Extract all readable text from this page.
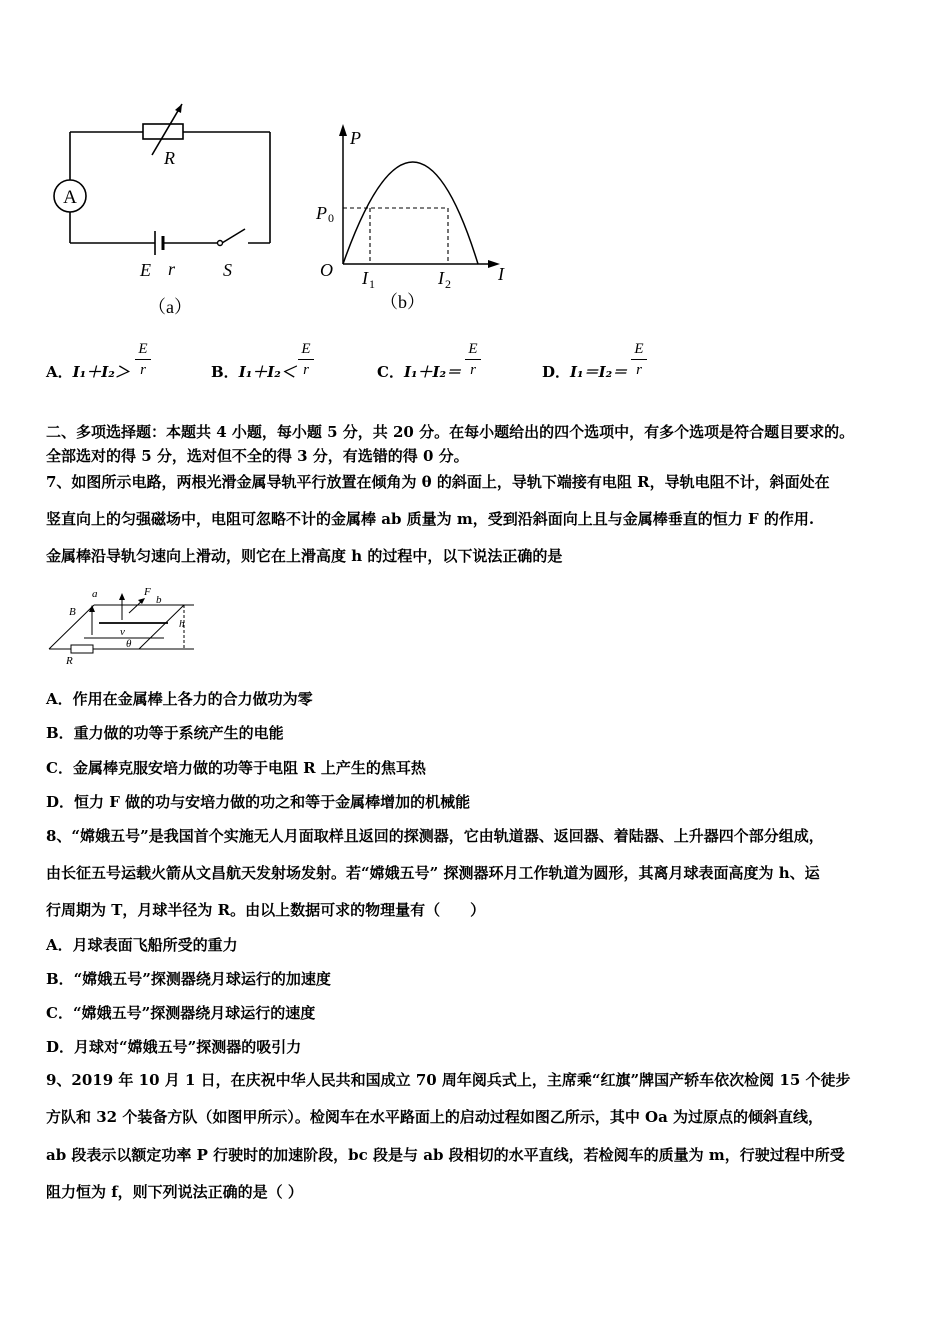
A
R
E r	S
（a）
P
I
O
P 0
I 1	I 2
（b）
A．$I_1+I_2> \frac{E}{r}$	B．$I_1+I_2< \frac{E}{r}$	C．$I_1+I_2= \frac{E}{r}$	D．$I_1=I_2= \frac{E}{r}$
二、多项选择题：本题共 4 小题，每小题 5 分，共 20 分。在每小题给出的四个选项中，有多个选项是符合题目要求的。
全部选对的得 5 分，选对但不全的得 3 分，有选错的得 0 分。
7、如图所示电路，两根光滑金属导轨平行放置在倾角为 θ 的斜面上，导轨下端接有电阻 R，导轨电阻不计，斜面处在
竖直向上的匀强磁场中，电阻可忽略不计的金属棒 ab 质量为 m，受到沿斜面向上且与金属棒垂直的恒力 F 的作用.
金属棒沿导轨匀速向上滑动，则它在上滑高度 h 的过程中，以下说法正确的是
a	b
B
F
v
h
R
θ
A．作用在金属棒上各力的合力做功为零
B．重力做的功等于系统产生的电能
C．金属棒克服安培力做的功等于电阻 R 上产生的焦耳热
D．恒力 F 做的功与安培力做的功之和等于金属棒增加的机械能
8、“嫦娥五号”是我国首个实施无人月面取样且返回的探测器，它由轨道器、返回器、着陆器、上升器四个部分组成，
由长征五号运载火箭从文昌航天发射场发射。若“嫦娥五号” 探测器环月工作轨道为圆形，其离月球表面高度为 h、运
行周期为 T，月球半径为 R。由以上数据可求的物理量有（　　）
A．月球表面飞船所受的重力
B．“嫦娥五号”探测器绕月球运行的加速度
C．“嫦娥五号”探测器绕月球运行的速度
D．月球对“嫦娥五号”探测器的吸引力
9、2019 年 10 月 1 日，在庆祝中华人民共和国成立 70 周年阅兵式上，主席乘“红旗”牌国产轿车依次检阅 15 个徒步
方队和 32 个装备方队（如图甲所示）。检阅车在水平路面上的启动过程如图乙所示，其中 Oa 为过原点的倾斜直线，
ab 段表示以额定功率 P 行驶时的加速阶段，bc 段是与 ab 段相切的水平直线，若检阅车的质量为 m，行驶过程中所受
阻力恒为 f，则下列说法正确的是（ ）
